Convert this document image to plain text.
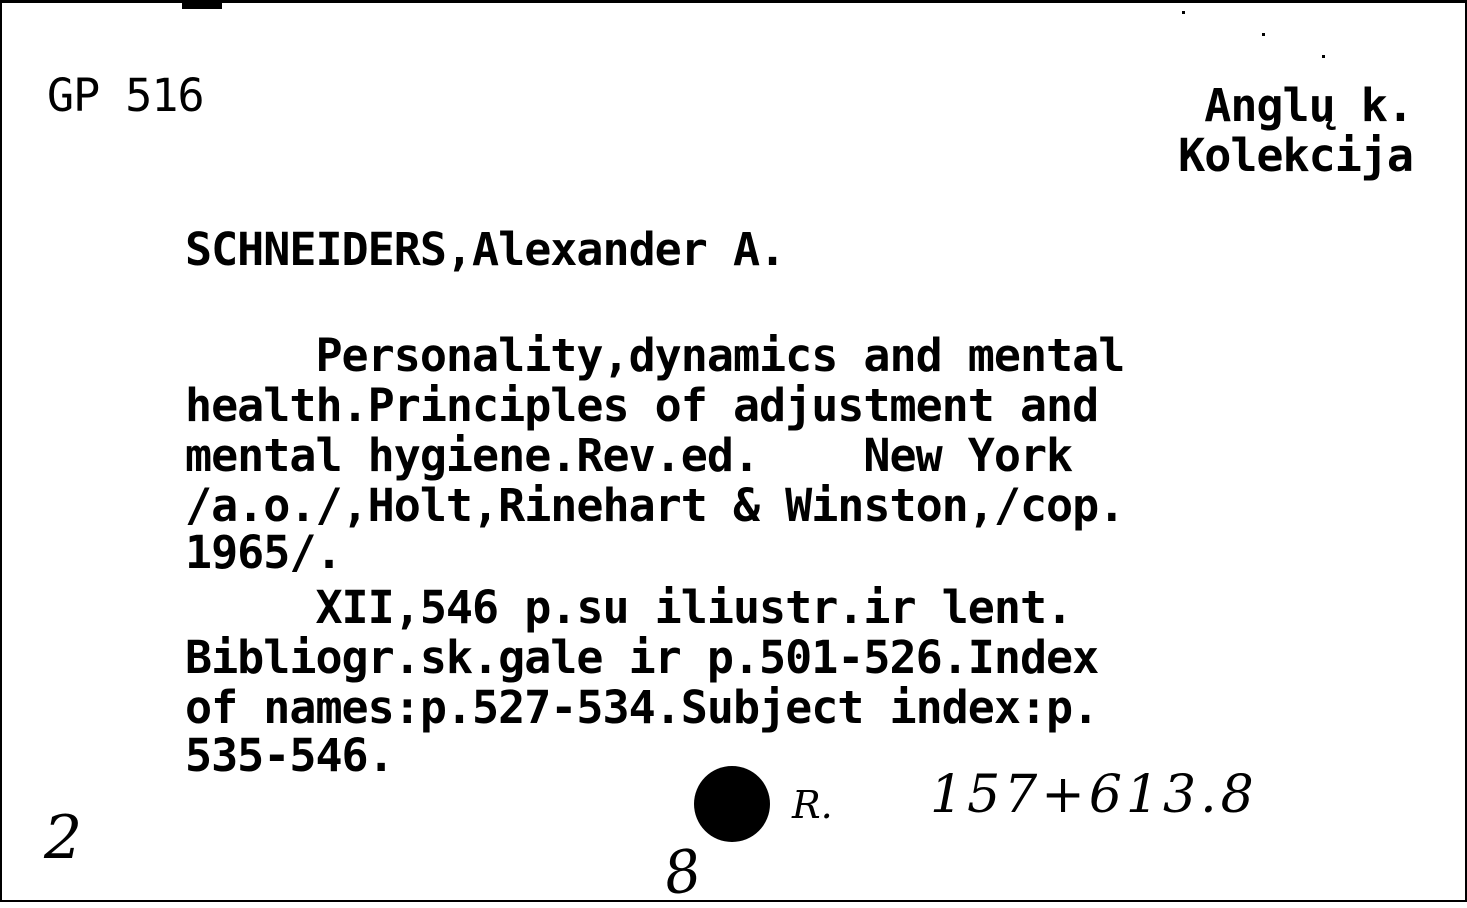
GP 516	Anglų k.
Kolekcija
SCHNEIDERS,Alexander A.
Personality,dynamics and mental
health.Principles of adjustment and
mental hygiene.Rev.ed.    New York
/a.o./,Holt,Rinehart & Winston,/cop.
1965/.
XII,546 p.su iliustr.ir lent.
Bibliogr.sk.gale ir p.501-526.Index
of names:p.527-534.Subject index:p.
535-546.
2	8
R. 157+613.8
